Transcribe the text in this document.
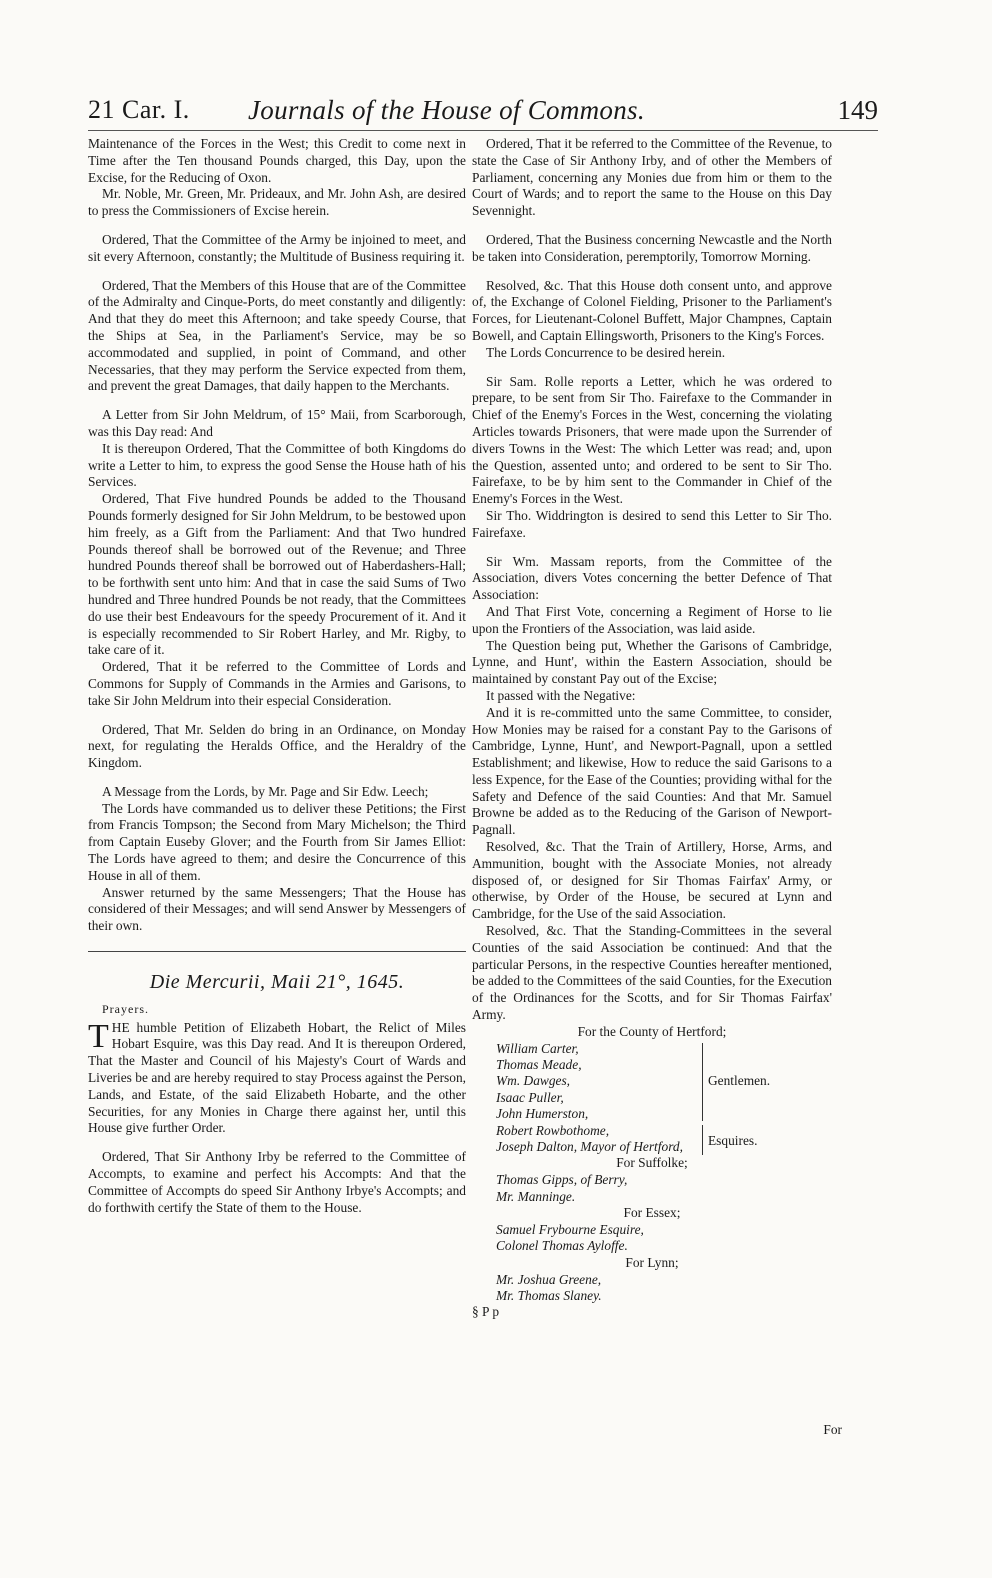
21 Car. I. Journals of the House of Commons.	149

Maintenance of the Forces in the West; this Credit to come next in Time after the Ten thousand Pounds charged, this Day, upon the Excise, for the Reducing of Oxon.

Mr. Noble, Mr. Green, Mr. Prideaux, and Mr. John Ash, are desired to press the Commissioners of Excise herein.

Ordered, That the Committee of the Army be injoined to meet, and sit every Afternoon, constantly; the Multitude of Business requiring it.

Ordered, That the Members of this House that are of the Committee of the Admiralty and Cinque-Ports, do meet constantly and diligently: And that they do meet this Afternoon; and take speedy Course, that the Ships at Sea, in the Parliament's Service, may be so accommodated and supplied, in point of Command, and other Necessaries, that they may perform the Service expected from them, and prevent the great Damages, that daily happen to the Merchants.

A Letter from Sir John Meldrum, of 15° Maii, from Scarborough, was this Day read: And

It is thereupon Ordered, That the Committee of both Kingdoms do write a Letter to him, to express the good Sense the House hath of his Services.

Ordered, That Five hundred Pounds be added to the Thousand Pounds formerly designed for Sir John Meldrum, to be bestowed upon him freely, as a Gift from the Parliament: And that Two hundred Pounds thereof shall be borrowed out of the Revenue; and Three hundred Pounds thereof shall be borrowed out of Haberdashers-Hall; to be forthwith sent unto him: And that in case the said Sums of Two hundred and Three hundred Pounds be not ready, that the Committees do use their best Endeavours for the speedy Procurement of it. And it is especially recommended to Sir Robert Harley, and Mr. Rigby, to take care of it.

Ordered, That it be referred to the Committee of Lords and Commons for Supply of Commands in the Armies and Garisons, to take Sir John Meldrum into their especial Consideration.

Ordered, That Mr. Selden do bring in an Ordinance, on Monday next, for regulating the Heralds Office, and the Heraldry of the Kingdom.

A Message from the Lords, by Mr. Page and Sir Edw. Leech;

The Lords have commanded us to deliver these Petitions; the First from Francis Tompson; the Second from Mary Michelson; the Third from Captain Euseby Glover; and the Fourth from Sir James Elliot: The Lords have agreed to them; and desire the Concurrence of this House in all of them.

Answer returned by the same Messengers; That the House has considered of their Messages; and will send Answer by Messengers of their own.

Die Mercurii, Maii 21°, 1645.
Prayers.

THE humble Petition of Elizabeth Hobart, the Relict of Miles Hobart Esquire, was this Day read. And It is thereupon Ordered, That the Master and Council of his Majesty's Court of Wards and Liveries be and are hereby required to stay Process against the Person, Lands, and Estate, of the said Elizabeth Hobarte, and the other Securities, for any Monies in Charge there against her, until this House give further Order.

Ordered, That Sir Anthony Irby be referred to the Committee of Accompts, to examine and perfect his Accompts: And that the Committee of Accompts do speed Sir Anthony Irbye's Accompts; and do forthwith certify the State of them to the House.

Ordered, That it be referred to the Committee of the Revenue, to state the Case of Sir Anthony Irby, and of other the Members of Parliament, concerning any Monies due from him or them to the Court of Wards; and to report the same to the House on this Day Sevennight.

Ordered, That the Business concerning Newcastle and the North be taken into Consideration, peremptorily, Tomorrow Morning.

Resolved, &c. That this House doth consent unto, and approve of, the Exchange of Colonel Fielding, Prisoner to the Parliament's Forces, for Lieutenant-Colonel Buffett, Major Champnes, Captain Bowell, and Captain Ellingsworth, Prisoners to the King's Forces.

The Lords Concurrence to be desired herein.

Sir Sam. Rolle reports a Letter, which he was ordered to prepare, to be sent from Sir Tho. Fairefaxe to the Commander in Chief of the Enemy's Forces in the West, concerning the violating Articles towards Prisoners, that were made upon the Surrender of divers Towns in the West: The which Letter was read; and, upon the Question, assented unto; and ordered to be sent to Sir Tho. Fairefaxe, to be by him sent to the Commander in Chief of the Enemy's Forces in the West.

Sir Tho. Widdrington is desired to send this Letter to Sir Tho. Fairefaxe.

Sir Wm. Massam reports, from the Committee of the Association, divers Votes concerning the better Defence of That Association:

And That First Vote, concerning a Regiment of Horse to lie upon the Frontiers of the Association, was laid aside.

The Question being put, Whether the Garisons of Cambridge, Lynne, and Hunt', within the Eastern Association, should be maintained by constant Pay out of the Excise;

It passed with the Negative:

And it is re-committed unto the same Committee, to consider, How Monies may be raised for a constant Pay to the Garisons of Cambridge, Lynne, Hunt', and Newport-Pagnall, upon a settled Establishment; and likewise, How to reduce the said Garisons to a less Expence, for the Ease of the Counties; providing withal for the Safety and Defence of the said Counties: And that Mr. Samuel Browne be added as to the Reducing of the Garison of Newport-Pagnall.

Resolved, &c. That the Train of Artillery, Horse, Arms, and Ammunition, bought with the Associate Monies, not already disposed of, or designed for Sir Thomas Fairfax' Army, or otherwise, by Order of the House, be secured at Lynn and Cambridge, for the Use of the said Association.

Resolved, &c. That the Standing-Committees in the several Counties of the said Association be continued: And that the particular Persons, in the respective Counties hereafter mentioned, be added to the Committees of the said Counties, for the Execution of the Ordinances for the Scotts, and for Sir Thomas Fairfax' Army.

For the County of Hertford;

William Carter,
Thomas Meade,
Wm. Dawges,
Isaac Puller,
John Humerston,
Robert Rowbothome,
Joseph Dalton, Mayor of Hertford,
Gentlemen.
Esquires.

For Suffolke;

Thomas Gipps, of Berry,
Mr. Manninge.

For Essex;

Samuel Frybourne Esquire,
Colonel Thomas Ayloffe.

For Lynn;

Mr. Joshua Greene,
Mr. Thomas Slaney.

§ P p

For
